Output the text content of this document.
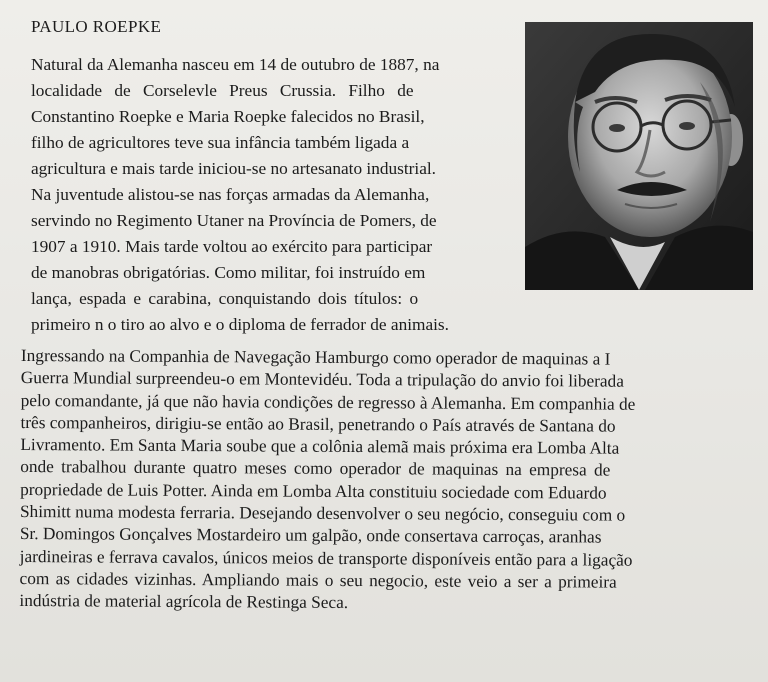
PAULO ROEPKE
Natural da Alemanha nasceu em 14 de outubro de 1887, na
localidade de Corselevle Preus Crussia. Filho de
Constantino Roepke e Maria Roepke falecidos no Brasil,
filho de agricultores teve sua infância também ligada a
agricultura e mais tarde iniciou-se no artesanato industrial.
Na juventude alistou-se nas forças armadas da Alemanha,
servindo no Regimento Utaner na Província de Pomers, de
1907 a 1910. Mais tarde voltou ao exército para participar
de manobras obrigatórias. Como militar, foi instruído em
lança, espada e carabina, conquistando dois títulos: o
primeiro n o tiro ao alvo e o diploma de ferrador de animais.
Ingressando na Companhia de Navegação Hamburgo como operador de maquinas a I
Guerra Mundial surpreendeu-o em Montevidéu. Toda a tripulação do anvio foi liberada
pelo comandante, já que não havia condições de regresso à Alemanha. Em companhia de
três companheiros, dirigiu-se então ao Brasil, penetrando o País através de Santana do
Livramento. Em Santa Maria soube que a colônia alemã mais próxima era Lomba Alta
onde trabalhou durante quatro meses como operador de maquinas na empresa de
propriedade de Luis Potter. Ainda em Lomba Alta constituiu sociedade com Eduardo
Shimitt numa modesta ferraria. Desejando desenvolver o seu negócio, conseguiu com o
Sr. Domingos Gonçalves Mostardeiro um galpão, onde consertava carroças, aranhas
jardineiras e ferrava cavalos, únicos meios de transporte disponíveis então para a ligação
com as cidades vizinhas. Ampliando mais o seu negocio, este veio a ser a primeira
indústria de material agrícola de Restinga Seca.
